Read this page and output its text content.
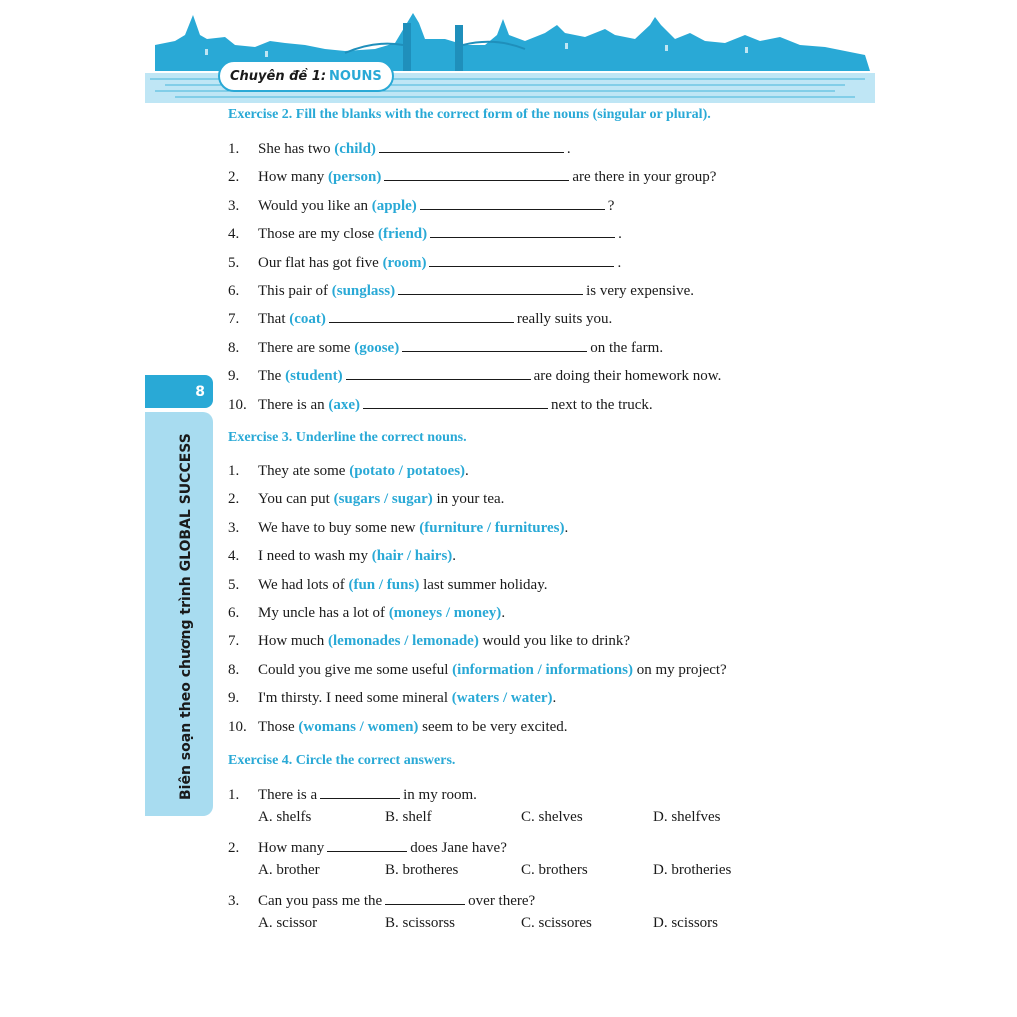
Chuyên đề 1: NOUNS
8
Biên soạn theo chương trình GLOBAL SUCCESS
Exercise 2. Fill the blanks with the correct form of the nouns (singular or plural).
1. She has two (child)	.
2. How many (person)	are there in your group?
3. Would you like an (apple)	?
4. Those are my close (friend)	.
5. Our flat has got five (room)	.
6. This pair of (sunglass)	is very expensive.
7. That (coat)	really suits you.
8. There are some (goose)	on the farm.
9. The (student)	are doing their homework now.
10. There is an (axe)	next to the truck.
Exercise 3. Underline the correct nouns.
1. They ate some (potato / potatoes).
2. You can put (sugars / sugar) in your tea.
3. We have to buy some new (furniture / furnitures).
4. I need to wash my (hair / hairs).
5. We had lots of (fun / funs) last summer holiday.
6. My uncle has a lot of (moneys / money).
7. How much (lemonades / lemonade) would you like to drink?
8. Could you give me some useful (information / informations) on my project?
9. I'm thirsty. I need some mineral (waters / water).
10. Those (womans / women) seem to be very excited.
Exercise 4. Circle the correct answers.
1. There is a	in my room.
A. shelfs	B. shelf	C. shelves	D. shelfves
2. How many	does Jane have?
A. brother	B. brotheres	C. brothers	D. brotheries
3. Can you pass me the	over there?
A. scissor	B. scissorss	C. scissores	D. scissors
